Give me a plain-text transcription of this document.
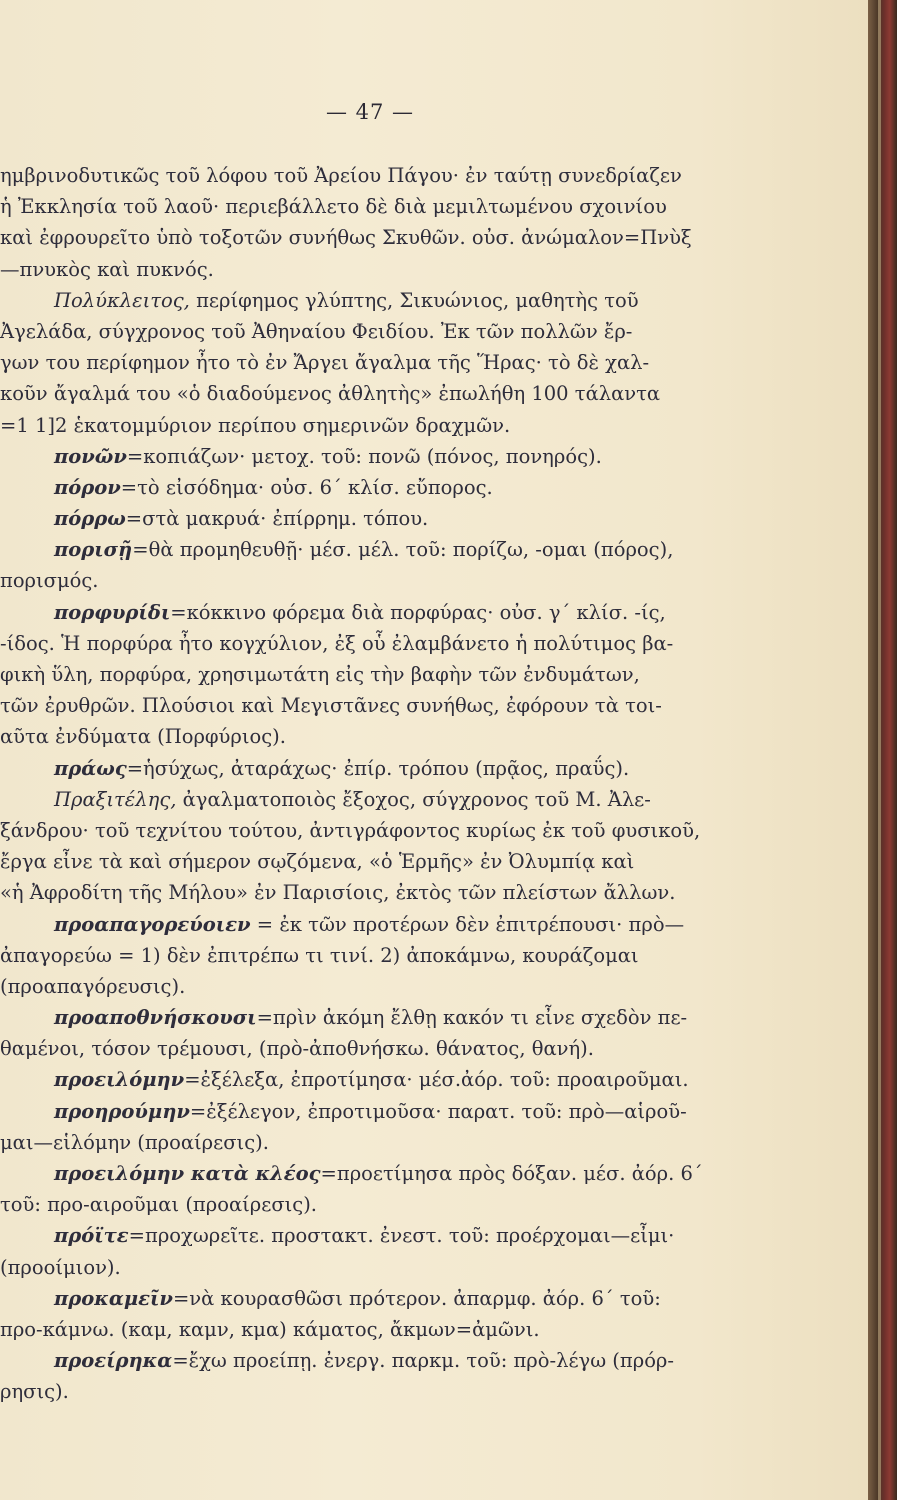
— 47 —
ημβρινοδυτικῶς τοῦ λόφου τοῦ Ἀρείου Πάγου· ἐν ταύτῃ συνεδρίαζεν
ἡ Ἐκκλησία τοῦ λαοῦ· περιεβάλλετο δὲ διὰ μεμιλτωμένου σχοινίου
καὶ ἐφρουρεῖτο ὑπὸ τοξοτῶν συνήθως Σκυθῶν. οὐσ. ἀνώμαλον=Πνὺξ
—πνυκὸς καὶ πυκνός.
Πολύκλειτος, περίφημος γλύπτης, Σικυώνιος, μαθητὴς τοῦ
Ἀγελάδα, σύγχρονος τοῦ Ἀθηναίου Φειδίου. Ἐκ τῶν πολλῶν ἔρ-
γων του περίφημον ἦτο τὸ ἐν Ἄργει ἄγαλμα τῆς Ἥρας· τὸ δὲ χαλ-
κοῦν ἄγαλμά του «ὁ διαδούμενος ἀθλητὴς» ἐπωλήθη 100 τάλαντα
=1 1]2 ἑκατομμύριον περίπου σημερινῶν δραχμῶν.
πονῶν=κοπιάζων· μετοχ. τοῦ: πονῶ (πόνος, πονηρός).
πόρον=τὸ εἰσόδημα· οὐσ. 6΄ κλίσ. εὔπορος.
πόρρω=στὰ μακρυά· ἐπίρρημ. τόπου.
πορισῇ=θὰ προμηθευθῇ· μέσ. μέλ. τοῦ: πορίζω, -ομαι (πόρος),
πορισμός.
πορφυρίδι=κόκκινο φόρεμα διὰ πορφύρας· οὐσ. γ΄ κλίσ. -ίς,
-ίδος. Ἡ πορφύρα ἦτο κογχύλιον, ἐξ οὗ ἐλαμβάνετο ἡ πολύτιμος βα-
φικὴ ὕλη, πορφύρα, χρησιμωτάτη εἰς τὴν βαφὴν τῶν ἐνδυμάτων,
τῶν ἐρυθρῶν. Πλούσιοι καὶ Μεγιστᾶνες συνήθως, ἐφόρουν τὰ τοι-
αῦτα ἐνδύματα (Πορφύριος).
πράως=ἡσύχως, ἀταράχως· ἐπίρ. τρόπου (πρᾷος, πραΰς).
Πραξιτέλης, ἀγαλματοποιὸς ἔξοχος, σύγχρονος τοῦ Μ. Ἀλε-
ξάνδρου· τοῦ τεχνίτου τούτου, ἀντιγράφοντος κυρίως ἐκ τοῦ φυσικοῦ,
ἔργα εἶνε τὰ καὶ σήμερον σῳζόμενα, «ὁ Ἑρμῆς» ἐν Ὀλυμπίᾳ καὶ
«ἡ Ἀφροδίτη τῆς Μήλου» ἐν Παρισίοις, ἐκτὸς τῶν πλείστων ἄλλων.
προαπαγορεύοιεν = ἐκ τῶν προτέρων δὲν ἐπιτρέπουσι· πρὸ—
ἀπαγορεύω = 1) δὲν ἐπιτρέπω τι τινί. 2) ἀποκάμνω, κουράζομαι
(προαπαγόρευσις).
προαποθνήσκουσι=πρὶν ἀκόμη ἔλθῃ κακόν τι εἶνε σχεδὸν πε-
θαμένοι, τόσον τρέμουσι, (πρὸ-ἀποθνήσκω. θάνατος, θανή).
προειλόμην=ἐξέλεξα, ἐπροτίμησα· μέσ.ἀόρ. τοῦ: προαιροῦμαι.
προηρούμην=ἐξέλεγον, ἐπροτιμοῦσα· παρατ. τοῦ: πρὸ—αἱροῦ-
μαι—εἱλόμην (προαίρεσις).
προειλόμην κατὰ κλέος=προετίμησα πρὸς δόξαν. μέσ. ἀόρ. 6΄
τοῦ: προ-αιροῦμαι (προαίρεσις).
πρόϊτε=προχωρεῖτε. προστακτ. ἐνεστ. τοῦ: προέρχομαι—εἶμι·
(προοίμιον).
προκαμεῖν=νὰ κουρασθῶσι πρότερον. ἀπαρμφ. ἀόρ. 6΄ τοῦ:
προ-κάμνω. (καμ, καμν, κμα) κάματος, ἄκμων=ἀμῶνι.
προείρηκα=ἔχω προείπῃ. ἐνεργ. παρκμ. τοῦ: πρὸ-λέγω (πρόρ-
ρησις).
